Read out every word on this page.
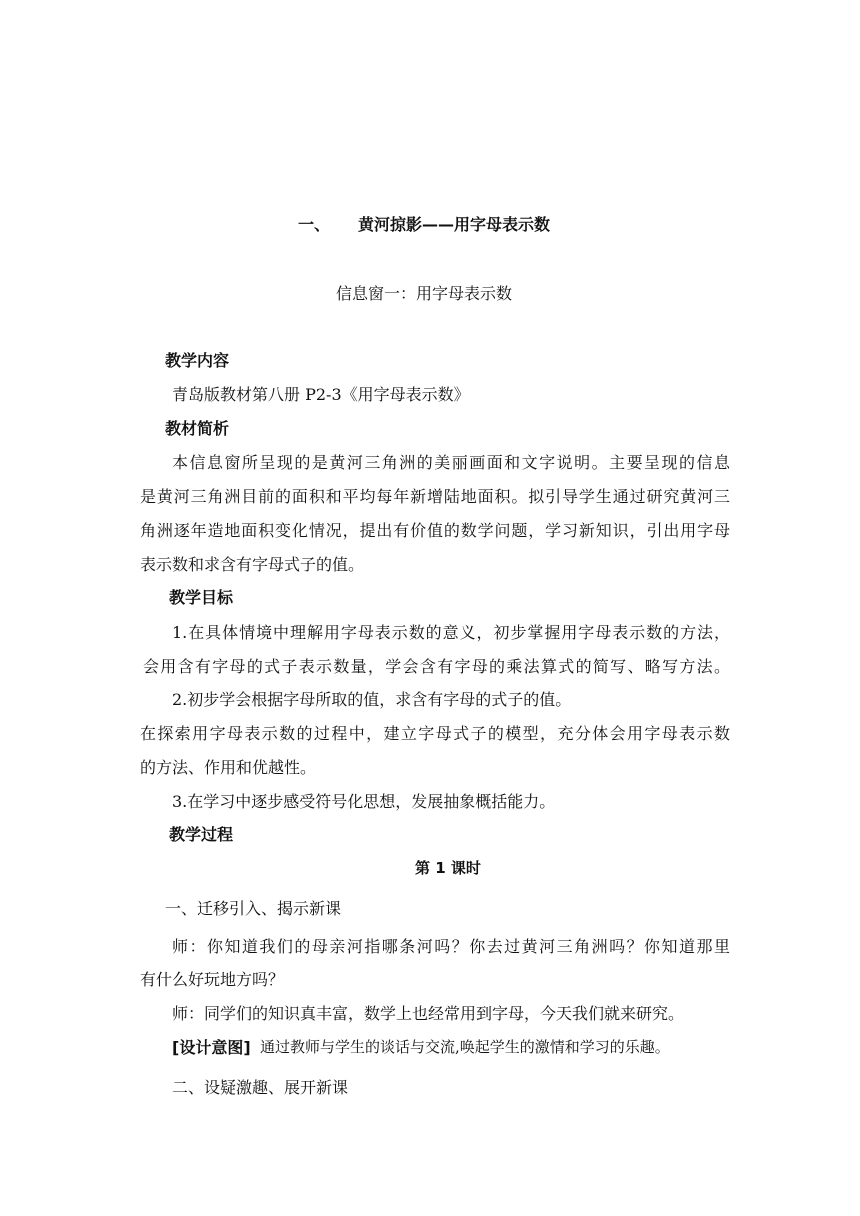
一、 黄河掠影——用字母表示数
信息窗一：用字母表示数
教学内容
青岛版教材第八册 P2-3《用字母表示数》
教材简析
本信息窗所呈现的是黄河三角洲的美丽画面和文字说明。主要呈现的信息
是黄河三角洲目前的面积和平均每年新增陆地面积。拟引导学生通过研究黄河三
角洲逐年造地面积变化情况，提出有价值的数学问题，学习新知识，引出用字母
表示数和求含有字母式子的值。
教学目标
1.在具体情境中理解用字母表示数的意义，初步掌握用字母表示数的方法，
会用含有字母的式子表示数量，学会含有字母的乘法算式的简写、略写方法。
2.初步学会根据字母所取的值，求含有字母的式子的值。
在探索用字母表示数的过程中，建立字母式子的模型，充分体会用字母表示数
的方法、作用和优越性。
3.在学习中逐步感受符号化思想，发展抽象概括能力。
教学过程
第 1 课时
一、迁移引入、揭示新课
师：你知道我们的母亲河指哪条河吗？你去过黄河三角洲吗？你知道那里
有什么好玩地方吗？
师：同学们的知识真丰富，数学上也经常用到字母，今天我们就来研究。
[设计意图] 通过教师与学生的谈话与交流,唤起学生的激情和学习的乐趣。
二、设疑激趣、展开新课
